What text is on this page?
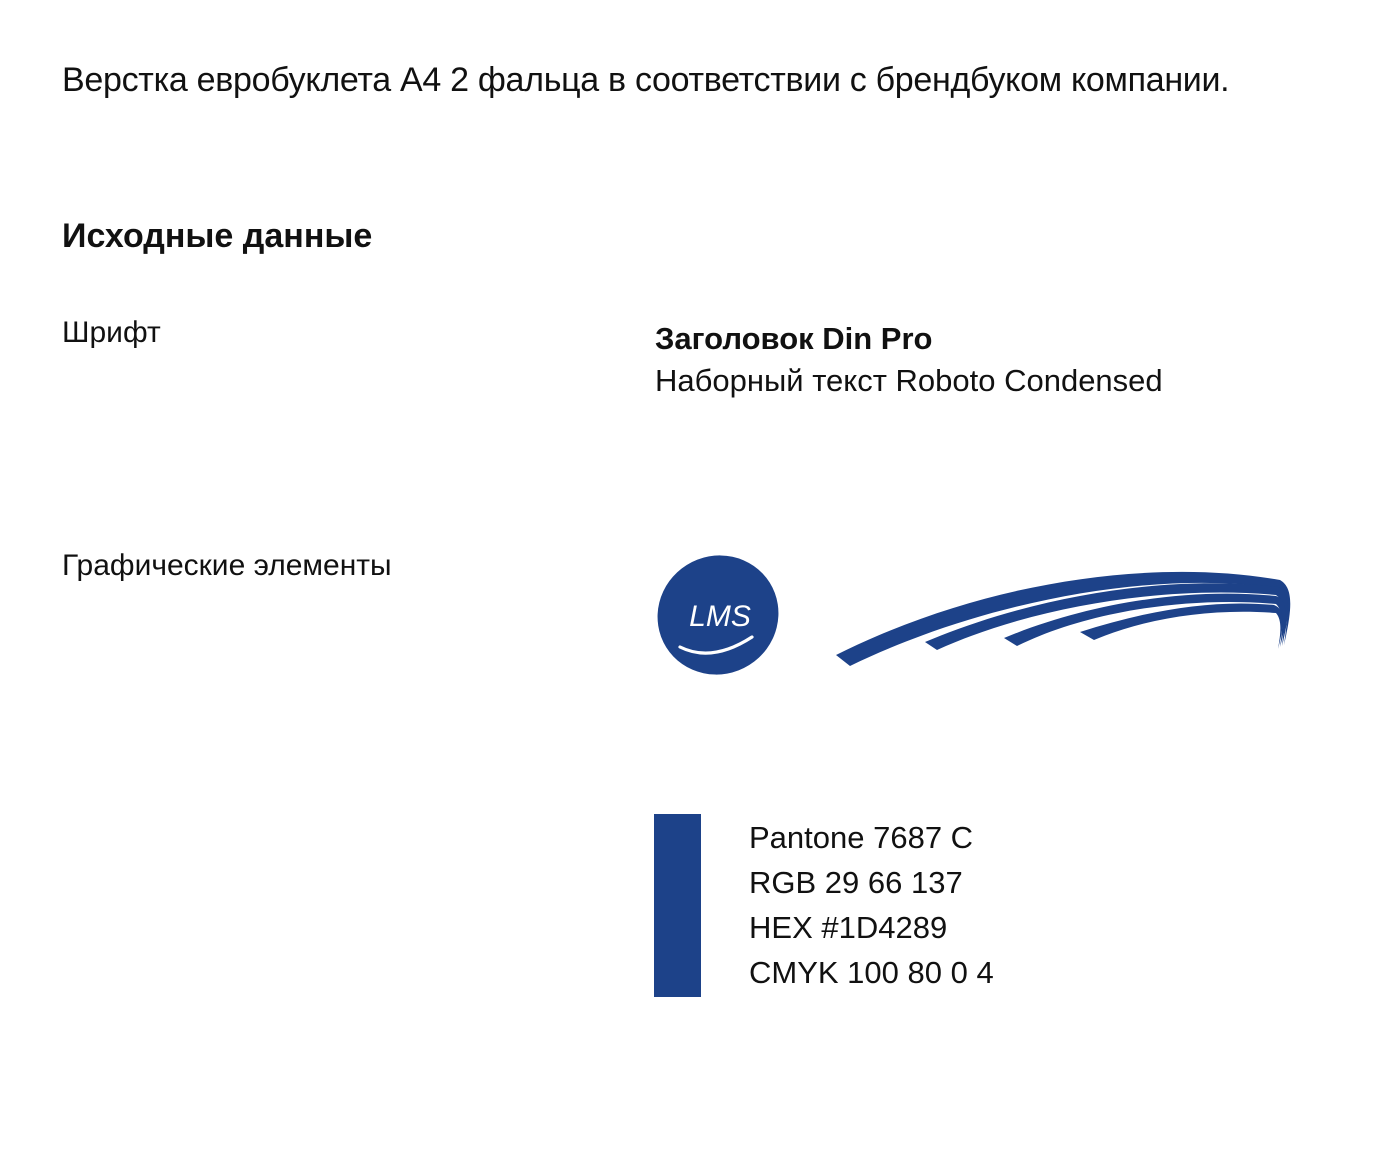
Верстка евробуклета А4 2 фальца в соответствии с брендбуком компании.
Исходные данные
Шрифт	Заголовок Din Pro
Наборный текст Roboto Condensed
Графические элементы
LMS
Pantone 7687 C
RGB 29 66 137
HEX #1D4289
CMYK 100 80 0 4
